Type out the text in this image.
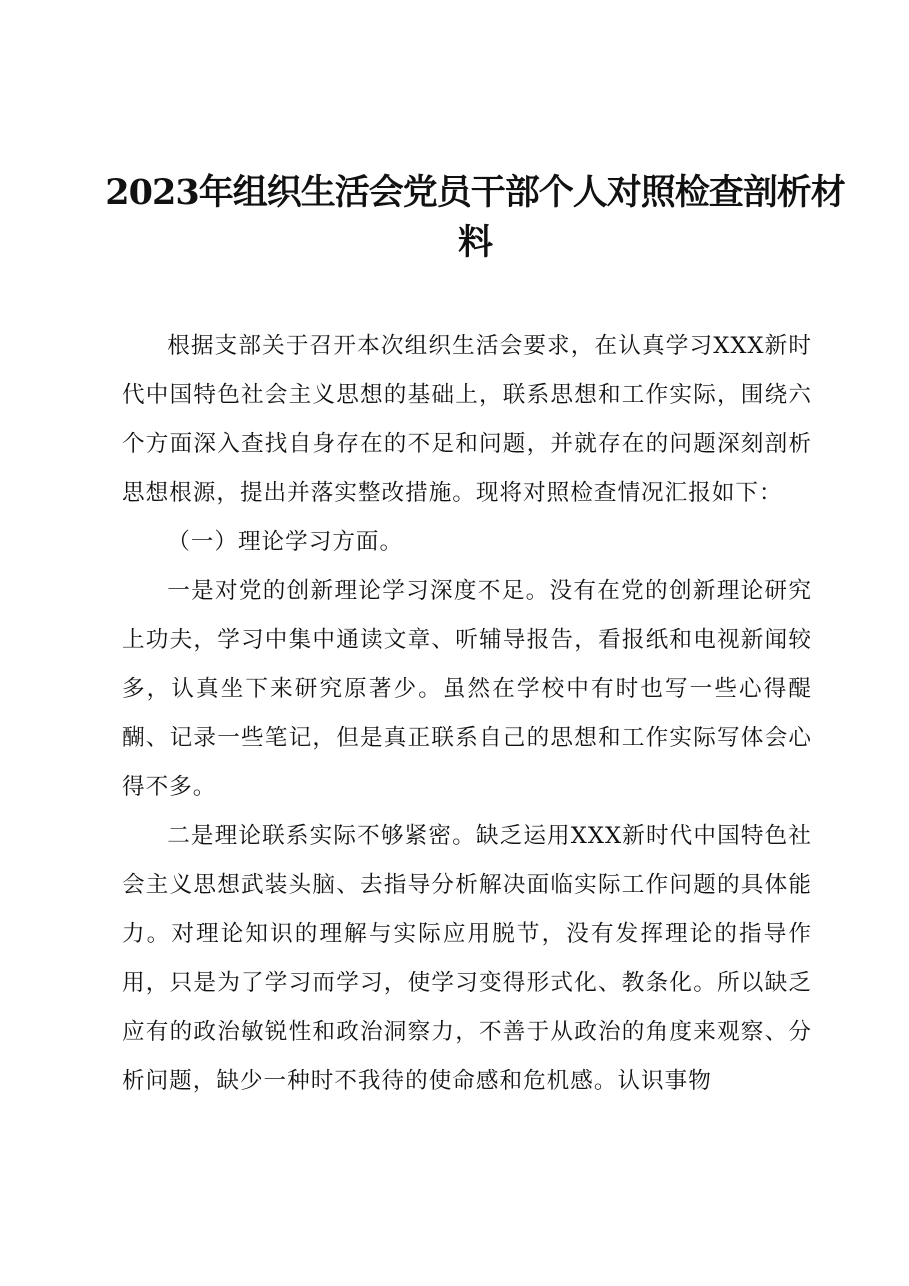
2023年组织生活会党员干部个人对照检查剖析材料

根据支部关于召开本次组织生活会要求，在认真学习XXX新时代中国特色社会主义思想的基础上，联系思想和工作实际，围绕六个方面深入查找自身存在的不足和问题，并就存在的问题深刻剖析思想根源，提出并落实整改措施。现将对照检查情况汇报如下：

（一）理论学习方面。

一是对党的创新理论学习深度不足。没有在党的创新理论研究上功夫，学习中集中通读文章、听辅导报告，看报纸和电视新闻较多，认真坐下来研究原著少。虽然在学校中有时也写一些心得醍醐、记录一些笔记，但是真正联系自己的思想和工作实际写体会心得不多。

二是理论联系实际不够紧密。缺乏运用XXX新时代中国特色社会主义思想武装头脑、去指导分析解决面临实际工作问题的具体能力。对理论知识的理解与实际应用脱节，没有发挥理论的指导作用，只是为了学习而学习，使学习变得形式化、教条化。所以缺乏应有的政治敏锐性和政治洞察力，不善于从政治的角度来观察、分析问题，缺少一种时不我待的使命感和危机感。认识事物
